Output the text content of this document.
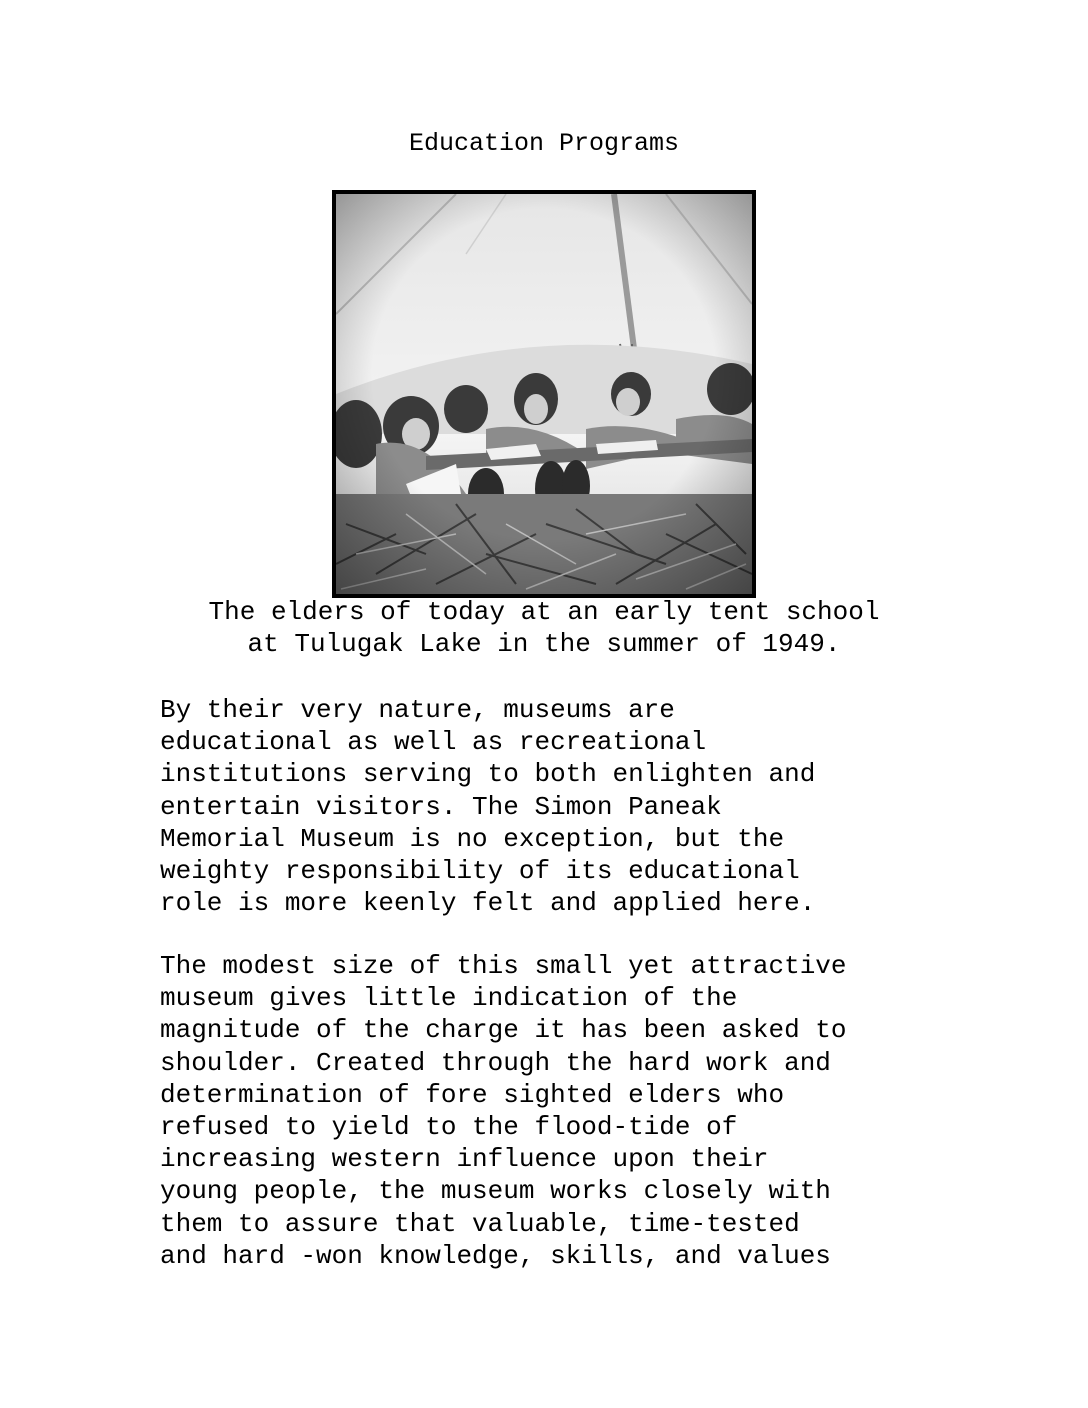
Education Programs
The elders of today at an early tent school
at Tulugak Lake in the summer of 1949.
By their very nature, museums are
educational as well as recreational
institutions serving to both enlighten and
entertain visitors. The Simon Paneak
Memorial Museum is no exception, but the
weighty responsibility of its educational
role is more keenly felt and applied here.
The modest size of this small yet attractive
museum gives little indication of the
magnitude of the charge it has been asked to
shoulder. Created through the hard work and
determination of fore sighted elders who
refused to yield to the flood-tide of
increasing western influence upon their
young people, the museum works closely with
them to assure that valuable, time-tested
and hard -won knowledge, skills, and values
